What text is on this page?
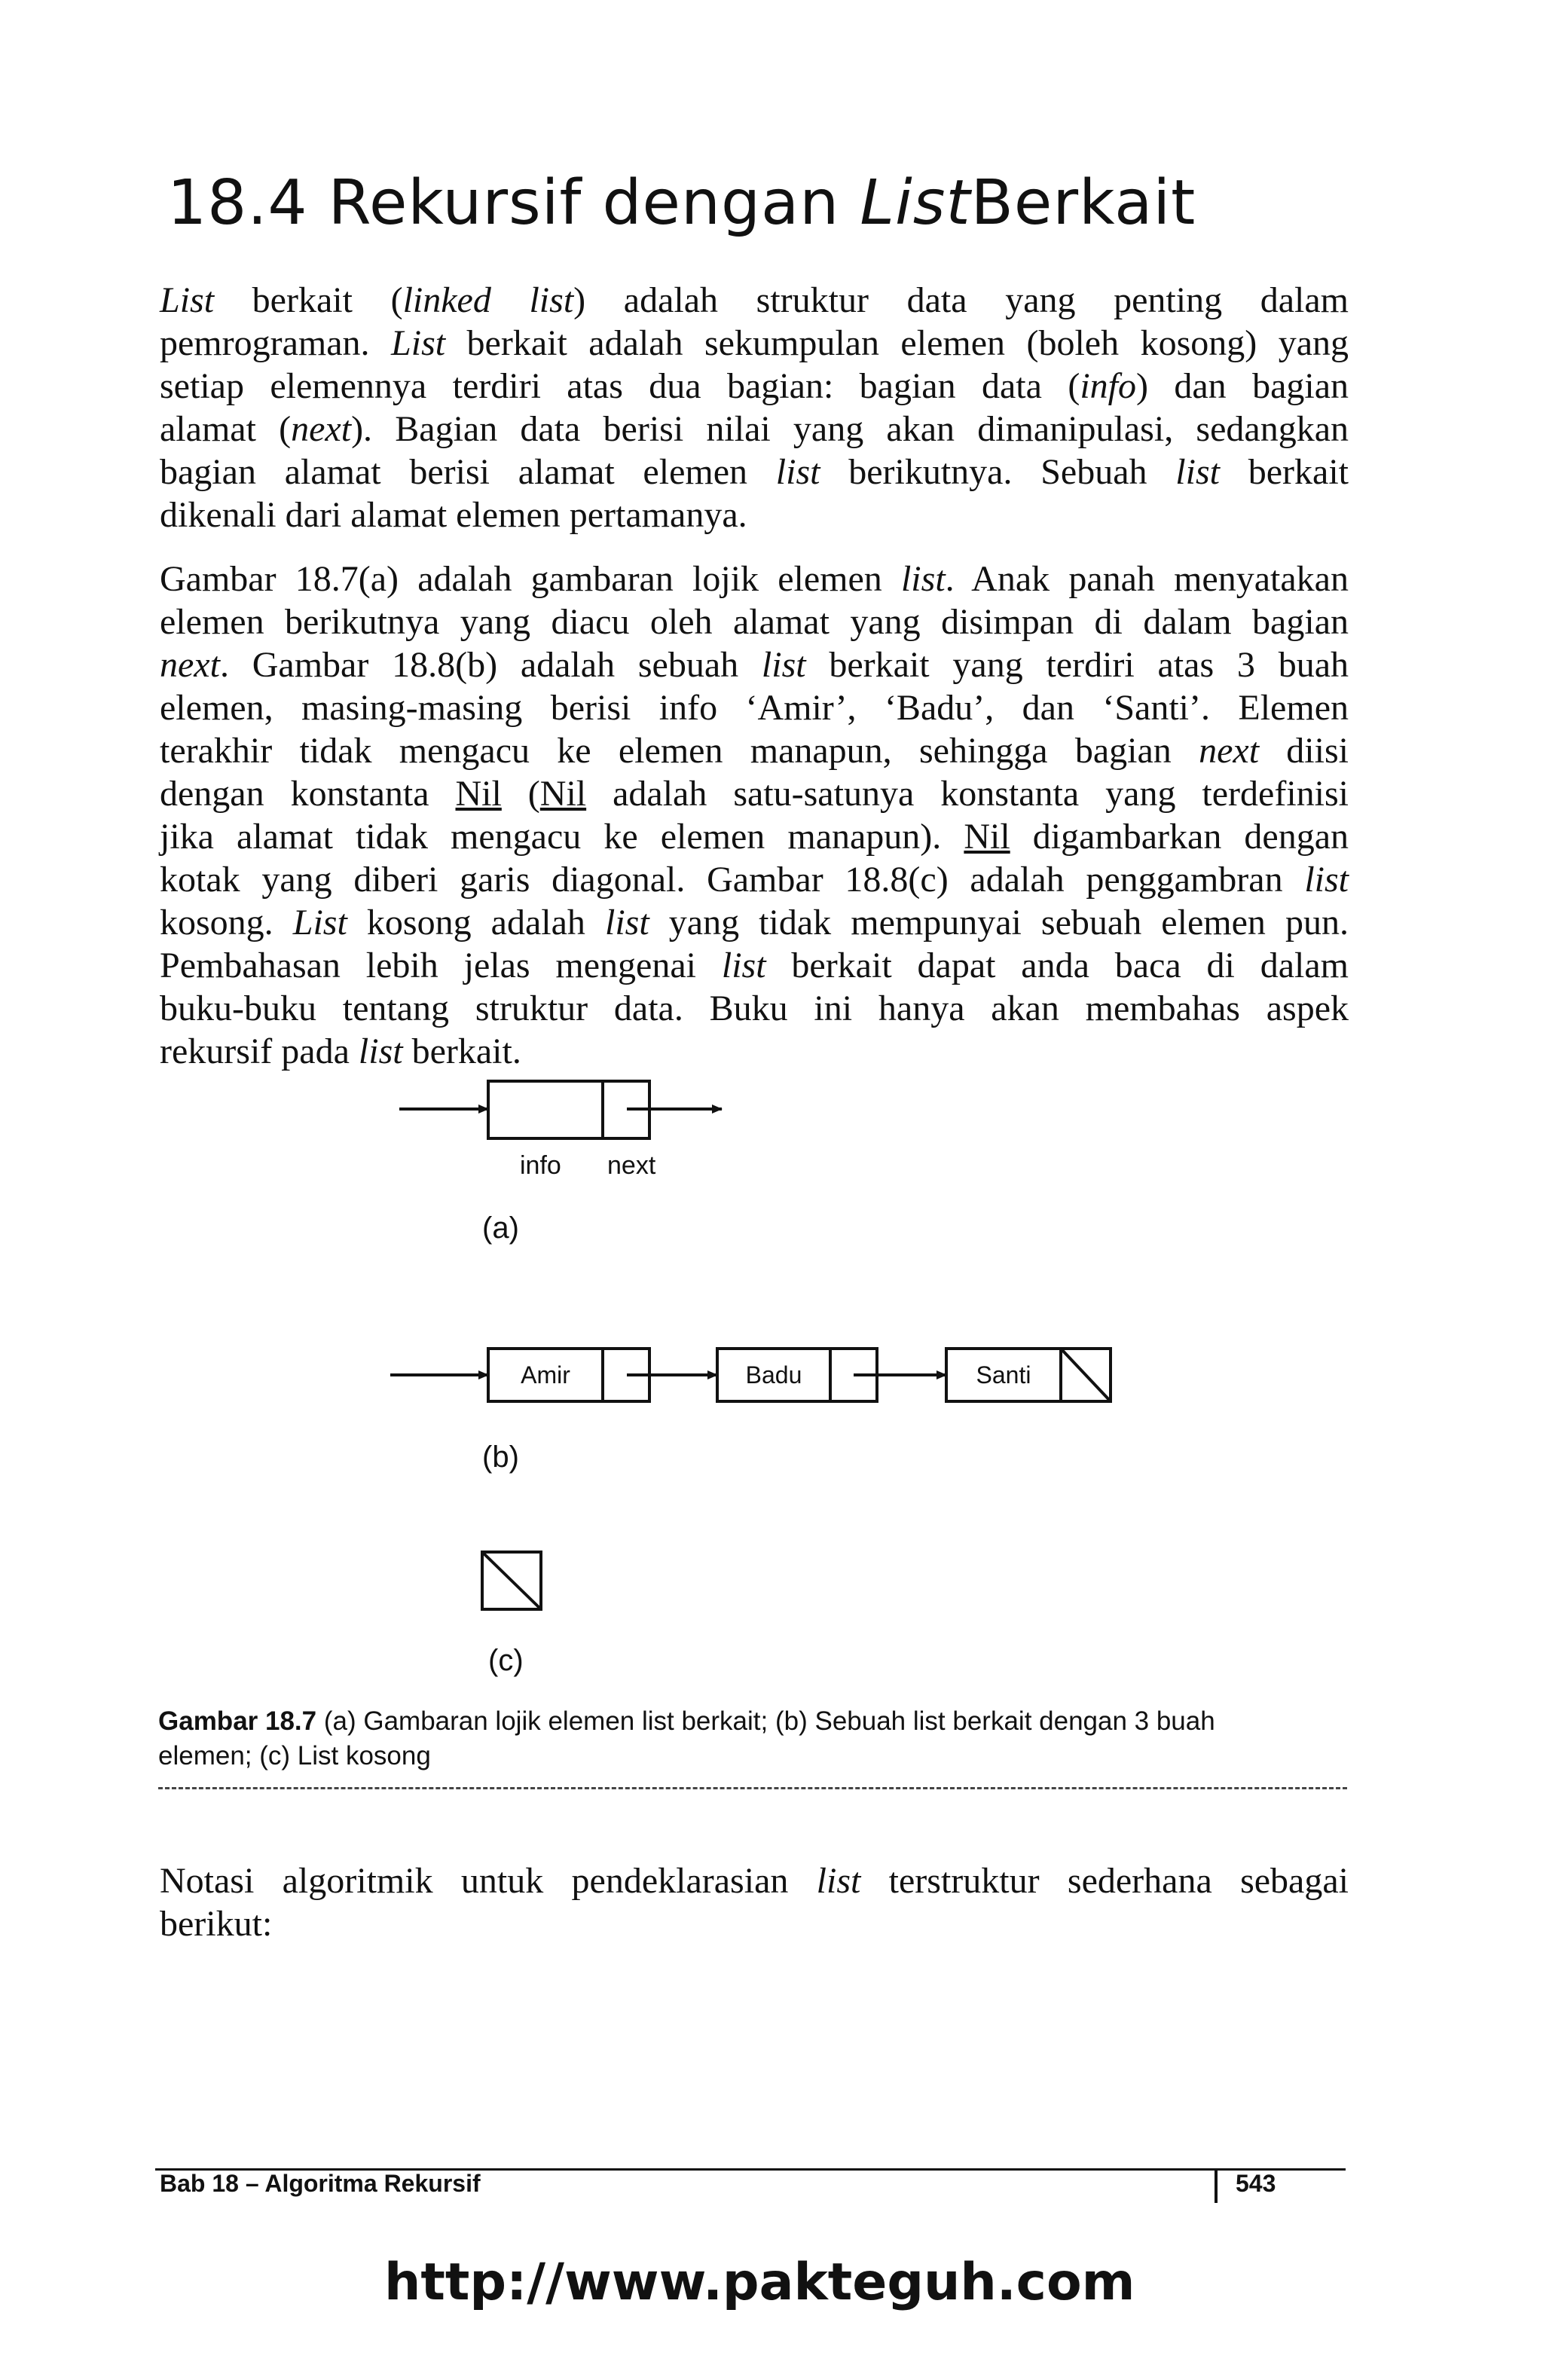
18.4 Rekursif dengan ListBerkait
List berkait (linked list) adalah struktur data yang penting dalam
pemrograman. List berkait adalah sekumpulan elemen (boleh kosong) yang
setiap elemennya terdiri atas dua bagian: bagian data (info) dan bagian
alamat (next). Bagian data berisi nilai yang akan dimanipulasi, sedangkan
bagian alamat berisi alamat elemen list berikutnya. Sebuah list berkait
dikenali dari alamat elemen pertamanya.
Gambar 18.7(a) adalah gambaran lojik elemen list. Anak panah menyatakan
elemen berikutnya yang diacu oleh alamat yang disimpan di dalam bagian
next. Gambar 18.8(b) adalah sebuah list berkait yang terdiri atas 3 buah
elemen, masing-masing berisi info ‘Amir’, ‘Badu’, dan ‘Santi’. Elemen
terakhir tidak mengacu ke elemen manapun, sehingga bagian next diisi
dengan konstanta Nil (Nil adalah satu-satunya konstanta yang terdefinisi
jika alamat tidak mengacu ke elemen manapun). Nil digambarkan dengan
kotak yang diberi garis diagonal. Gambar 18.8(c) adalah penggambran list
kosong. List kosong adalah list yang tidak mempunyai sebuah elemen pun.
Pembahasan lebih jelas mengenai list berkait dapat anda baca di dalam
buku-buku tentang struktur data. Buku ini hanya akan membahas aspek
rekursif pada list berkait.
Amir	Badu	Santi
info next
(a)
(b)
(c)
Gambar 18.7 (a) Gambaran lojik elemen list berkait; (b) Sebuah list berkait dengan 3 buah
elemen; (c) List kosong
Notasi algoritmik untuk pendeklarasian list terstruktur sederhana sebagai
berikut:
Bab 18 – Algoritma Rekursif	543
http://www.pakteguh.com
